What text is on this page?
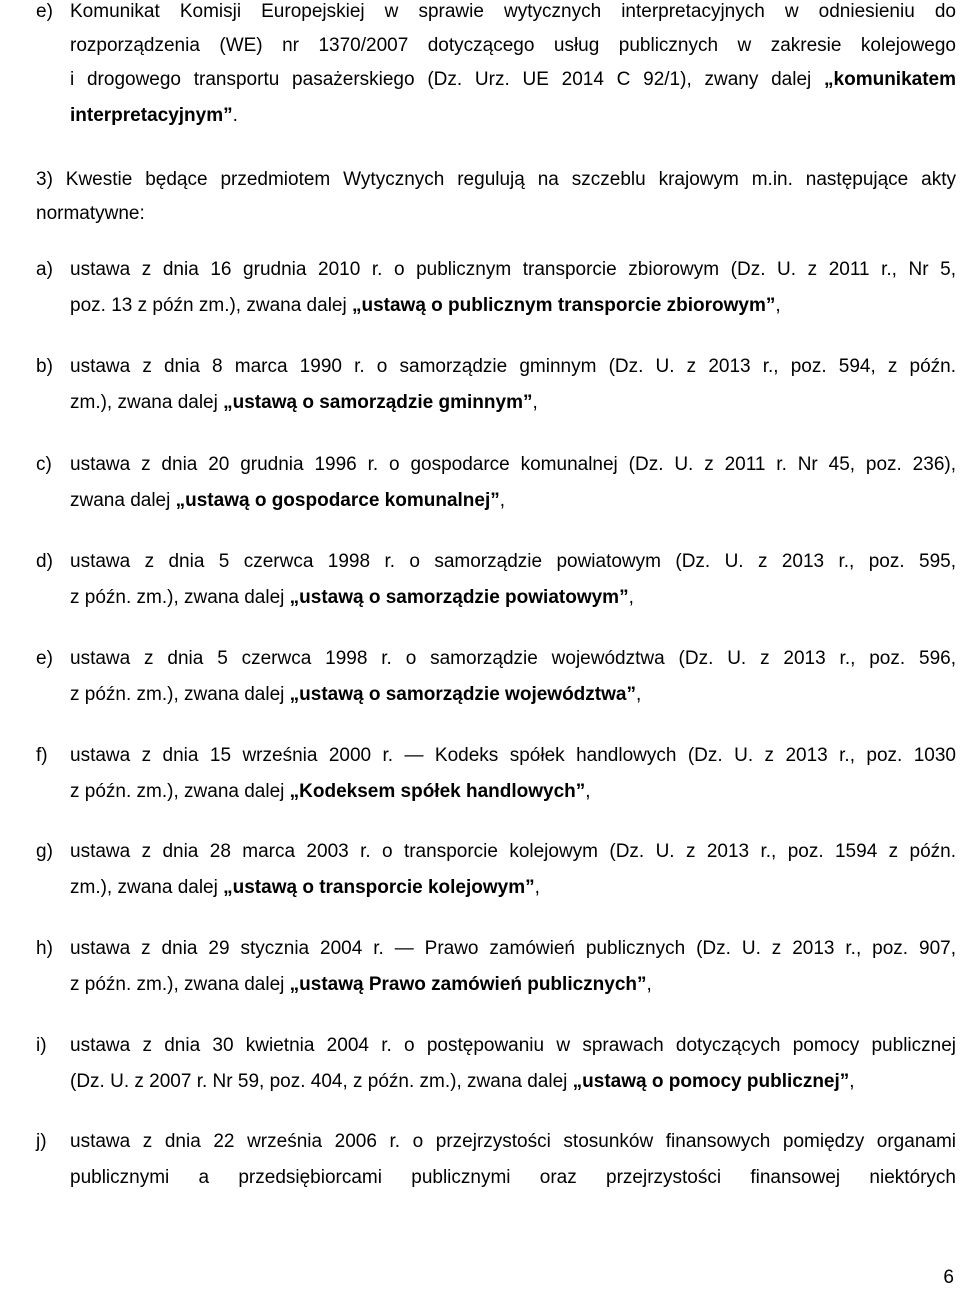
e) Komunikat Komisji Europejskiej w sprawie wytycznych interpretacyjnych w odniesieniu do
rozporządzenia (WE) nr 1370/2007 dotyczącego usług publicznych w zakresie kolejowego
i drogowego transportu pasażerskiego (Dz. Urz. UE 2014 C 92/1), zwany dalej „komunikatem
interpretacyjnym”.
3) Kwestie będące przedmiotem Wytycznych regulują na szczeblu krajowym m.in. następujące akty
normatywne:
a) ustawa z dnia 16 grudnia 2010 r. o publicznym transporcie zbiorowym (Dz. U. z 2011 r., Nr 5,
poz. 13 z późn zm.), zwana dalej „ustawą o publicznym transporcie zbiorowym”,
b) ustawa z dnia 8 marca 1990 r. o samorządzie gminnym (Dz. U. z 2013 r., poz. 594, z późn.
zm.), zwana dalej „ustawą o samorządzie gminnym”,
c) ustawa z dnia 20 grudnia 1996 r. o gospodarce komunalnej (Dz. U. z 2011 r. Nr 45, poz. 236),
zwana dalej „ustawą o gospodarce komunalnej”,
d) ustawa z dnia 5 czerwca 1998 r. o samorządzie powiatowym (Dz. U. z 2013 r., poz. 595,
z późn. zm.), zwana dalej „ustawą o samorządzie powiatowym”,
e) ustawa z dnia 5 czerwca 1998 r. o samorządzie województwa (Dz. U. z 2013 r., poz. 596,
z późn. zm.), zwana dalej „ustawą o samorządzie województwa”,
f) ustawa z dnia 15 września 2000 r. — Kodeks spółek handlowych (Dz. U. z 2013 r., poz. 1030
z późn. zm.), zwana dalej „Kodeksem spółek handlowych”,
g) ustawa z dnia 28 marca 2003 r. o transporcie kolejowym (Dz. U. z 2013 r., poz. 1594 z późn.
zm.), zwana dalej „ustawą o transporcie kolejowym”,
h) ustawa z dnia 29 stycznia 2004 r. — Prawo zamówień publicznych (Dz. U. z 2013 r., poz. 907,
z późn. zm.), zwana dalej „ustawą Prawo zamówień publicznych”,
i) ustawa z dnia 30 kwietnia 2004 r. o postępowaniu w sprawach dotyczących pomocy publicznej
(Dz. U. z 2007 r. Nr 59, poz. 404, z późn. zm.), zwana dalej „ustawą o pomocy publicznej”,
j) ustawa z dnia 22 września 2006 r. o przejrzystości stosunków finansowych pomiędzy organami
publicznymi a przedsiębiorcami publicznymi oraz przejrzystości finansowej niektórych
6
